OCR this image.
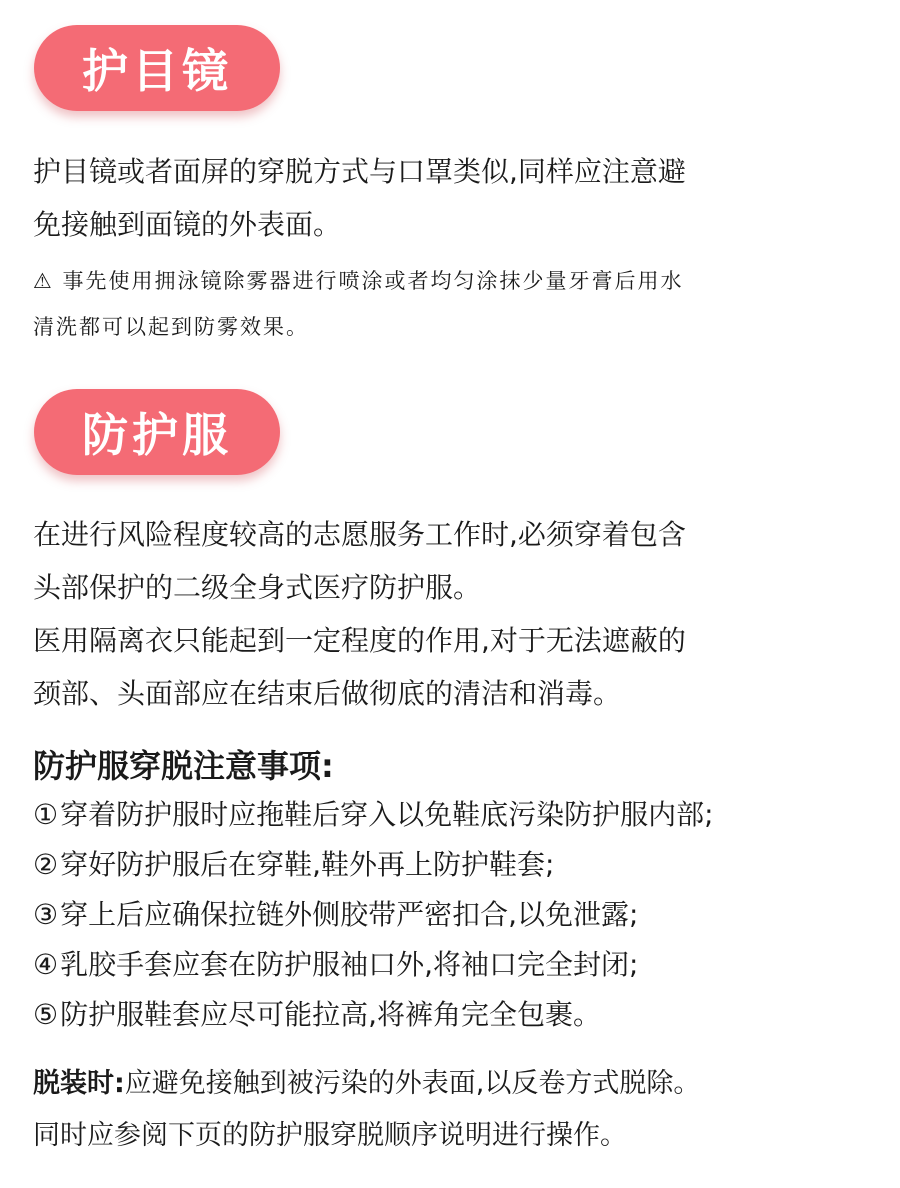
护目镜

护目镜或者面屏的穿脱方式与口罩类似,同样应注意避
免接触到面镜的外表面。

⚠ 事先使用拥泳镜除雾器进行喷涂或者均匀涂抹少量牙膏后用水
清洗都可以起到防雾效果。

防护服

在进行风险程度较高的志愿服务工作时,必须穿着包含
头部保护的二级全身式医疗防护服。
医用隔离衣只能起到一定程度的作用,对于无法遮蔽的
颈部、头面部应在结束后做彻底的清洁和消毒。

防护服穿脱注意事项:
①穿着防护服时应拖鞋后穿入以免鞋底污染防护服内部;
②穿好防护服后在穿鞋,鞋外再上防护鞋套;
③穿上后应确保拉链外侧胶带严密扣合,以免泄露;
④乳胶手套应套在防护服袖口外,将袖口完全封闭;
⑤防护服鞋套应尽可能拉高,将裤角完全包裹。

脱装时:应避免接触到被污染的外表面,以反卷方式脱除。
同时应参阅下页的防护服穿脱顺序说明进行操作。
